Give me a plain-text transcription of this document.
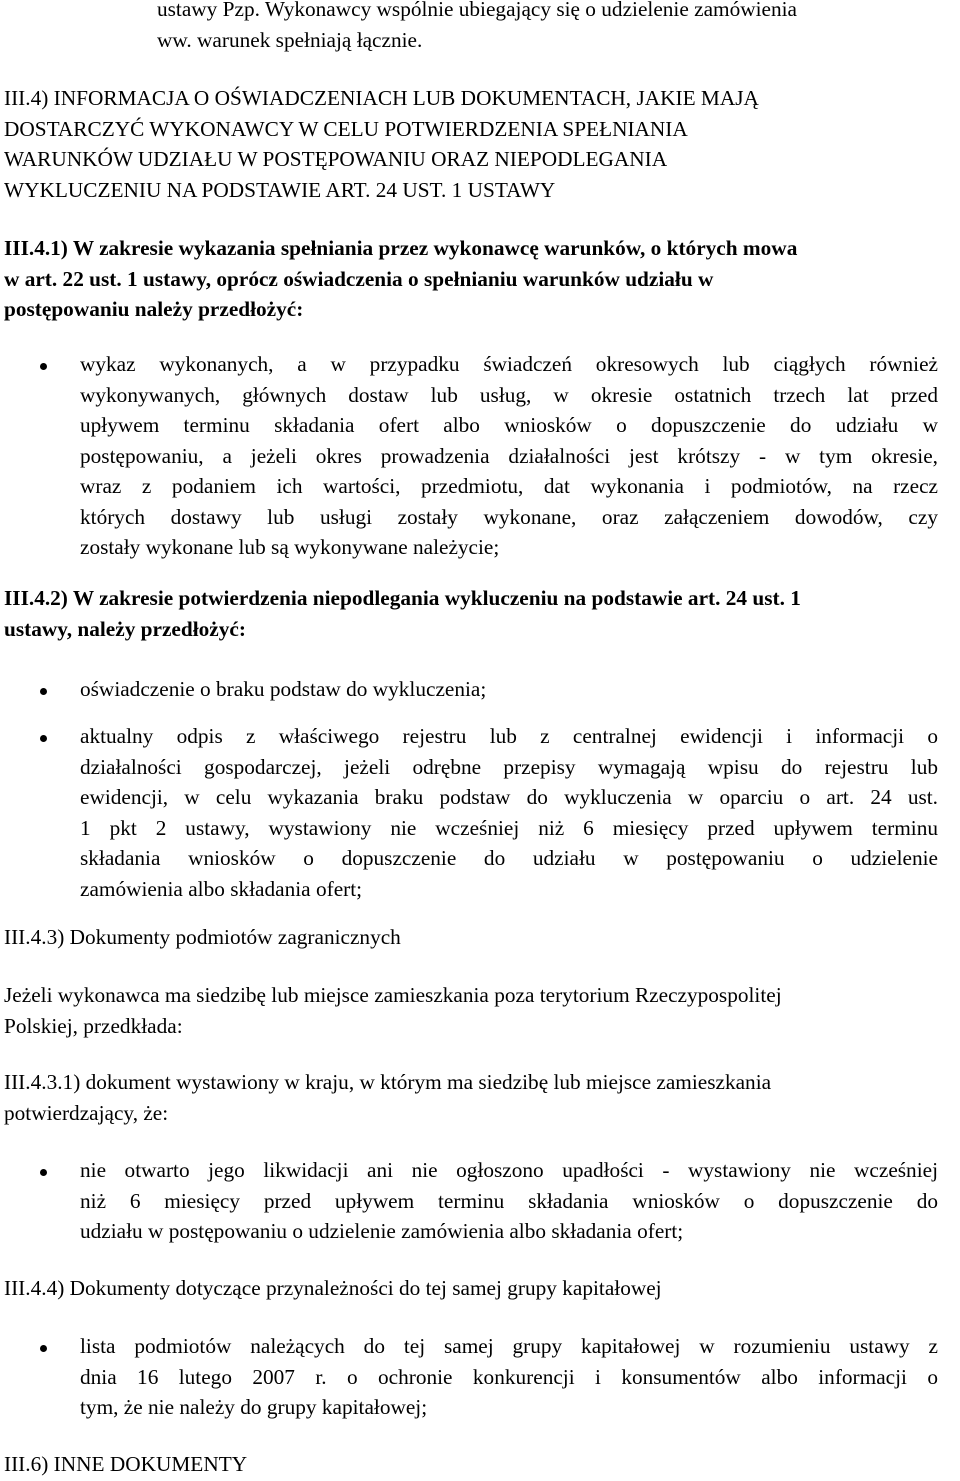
ustawy Pzp. Wykonawcy wspólnie ubiegający się o udzielenie zamówienia
ww. warunek spełniają łącznie.
III.4) INFORMACJA O OŚWIADCZENIACH LUB DOKUMENTACH, JAKIE MAJĄ
DOSTARCZYĆ WYKONAWCY W CELU POTWIERDZENIA SPEŁNIANIA
WARUNKÓW UDZIAŁU W POSTĘPOWANIU ORAZ NIEPODLEGANIA
WYKLUCZENIU NA PODSTAWIE ART. 24 UST. 1 USTAWY
III.4.1) W zakresie wykazania spełniania przez wykonawcę warunków, o których mowa
w art. 22 ust. 1 ustawy, oprócz oświadczenia o spełnianiu warunków udziału w
postępowaniu należy przedłożyć:
wykaz wykonanych, a w przypadku świadczeń okresowych lub ciągłych również
wykonywanych, głównych dostaw lub usług, w okresie ostatnich trzech lat przed
upływem terminu składania ofert albo wniosków o dopuszczenie do udziału w
postępowaniu, a jeżeli okres prowadzenia działalności jest krótszy - w tym okresie,
wraz z podaniem ich wartości, przedmiotu, dat wykonania i podmiotów, na rzecz
których dostawy lub usługi zostały wykonane, oraz załączeniem dowodów, czy
zostały wykonane lub są wykonywane należycie;
III.4.2) W zakresie potwierdzenia niepodlegania wykluczeniu na podstawie art. 24 ust. 1
ustawy, należy przedłożyć:
oświadczenie o braku podstaw do wykluczenia;
aktualny odpis z właściwego rejestru lub z centralnej ewidencji i informacji o
działalności gospodarczej, jeżeli odrębne przepisy wymagają wpisu do rejestru lub
ewidencji, w celu wykazania braku podstaw do wykluczenia w oparciu o art. 24 ust.
1 pkt 2 ustawy, wystawiony nie wcześniej niż 6 miesięcy przed upływem terminu
składania wniosków o dopuszczenie do udziału w postępowaniu o udzielenie
zamówienia albo składania ofert;
III.4.3) Dokumenty podmiotów zagranicznych
Jeżeli wykonawca ma siedzibę lub miejsce zamieszkania poza terytorium Rzeczypospolitej
Polskiej, przedkłada:
III.4.3.1) dokument wystawiony w kraju, w którym ma siedzibę lub miejsce zamieszkania
potwierdzający, że:
nie otwarto jego likwidacji ani nie ogłoszono upadłości - wystawiony nie wcześniej
niż 6 miesięcy przed upływem terminu składania wniosków o dopuszczenie do
udziału w postępowaniu o udzielenie zamówienia albo składania ofert;
III.4.4) Dokumenty dotyczące przynależności do tej samej grupy kapitałowej
lista podmiotów należących do tej samej grupy kapitałowej w rozumieniu ustawy z
dnia 16 lutego 2007 r. o ochronie konkurencji i konsumentów albo informacji o
tym, że nie należy do grupy kapitałowej;
III.6) INNE DOKUMENTY
